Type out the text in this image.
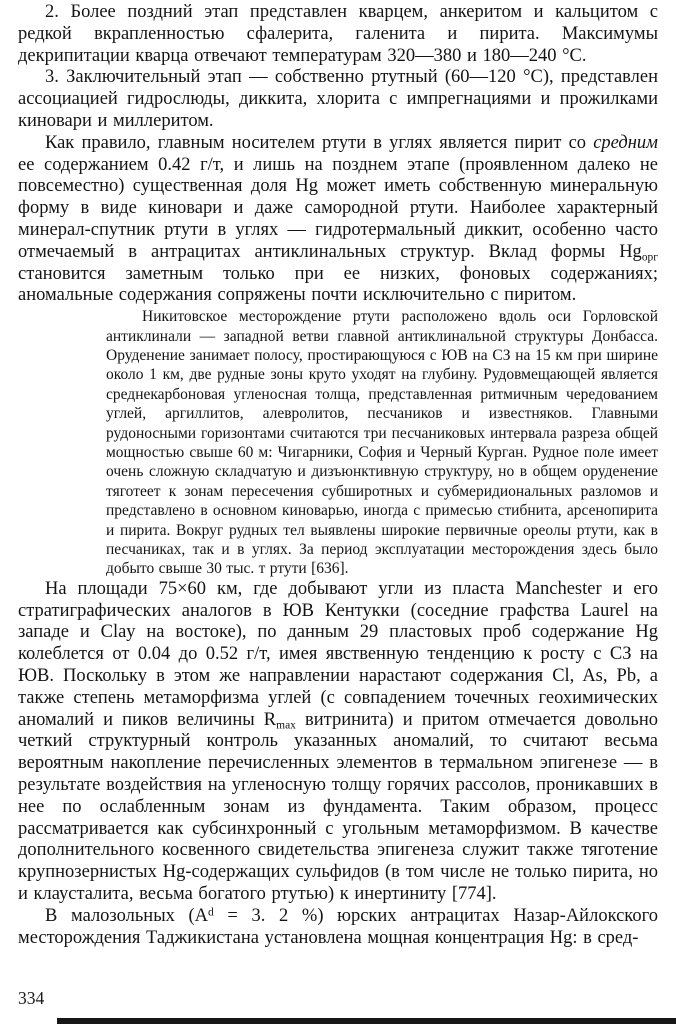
2. Более поздний этап представлен кварцем, анкеритом и кальцитом с редкой вкрапленностью сфалерита, галенита и пирита. Максимумы декрипитации кварца отвечают температурам 320—380 и 180—240 °С.

3. Заключительный этап — собственно ртутный (60—120 °С), представлен ассоциацией гидрослюды, диккита, хлорита с импрегнациями и прожилками киновари и миллеритом.

Как правило, главным носителем ртути в углях является пирит со средним ее содержанием 0.42 г/т, и лишь на позднем этапе (проявленном далеко не повсеместно) существенная доля Hg может иметь собственную минеральную форму в виде киновари и даже самородной ртути. Наиболее характерный минерал-спутник ртути в углях — гидротермальный диккит, особенно часто отмечаемый в антрацитах антиклинальных структур. Вклад формы $Hg_{орг}$ становится заметным только при ее низких, фоновых содержаниях; аномальные содержания сопряжены почти исключительно с пиритом.

Никитовское месторождение ртути расположено вдоль оси Горловской антиклинали — западной ветви главной антиклинальной структуры Донбасса. Оруденение занимает полосу, простирающуюся с ЮВ на СЗ на 15 км при ширине около 1 км, две рудные зоны круто уходят на глубину. Рудовмещающей является среднекарбоновая угленосная толща, представленная ритмичным чередованием углей, аргиллитов, алевролитов, песчаников и известняков. Главными рудоносными горизонтами считаются три песчаниковых интервала разреза общей мощностью свыше 60 м: Чигарники, София и Черный Курган. Рудное поле имеет очень сложную складчатую и дизъюнктивную структуру, но в общем оруденение тяготеет к зонам пересечения субширотных и субмеридиональных разломов и представлено в основном киноварью, иногда с примесью стибнита, арсенопирита и пирита. Вокруг рудных тел выявлены широкие первичные ореолы ртути, как в песчаниках, так и в углях. За период эксплуатации месторождения здесь было добыто свыше 30 тыс. т ртути [636].

На площади 75×60 км, где добывают угли из пласта Manchester и его стратиграфических аналогов в ЮВ Кентукки (соседние графства Laurel на западе и Clay на востоке), по данным 29 пластовых проб содержание Hg колеблется от 0.04 до 0.52 г/т, имея явственную тенденцию к росту с СЗ на ЮВ. Поскольку в этом же направлении нарастают содержания Cl, As, Pb, а также степень метаморфизма углей (с совпадением точечных геохимических аномалий и пиков величины $R_{max}$ витринита) и притом отмечается довольно четкий структурный контроль указанных аномалий, то считают весьма вероятным накопление перечисленных элементов в термальном эпигенезе — в результате воздействия на угленосную толщу горячих рассолов, проникавших в нее по ослабленным зонам из фундамента. Таким образом, процесс рассматривается как субсинхронный с угольным метаморфизмом. В качестве дополнительного косвенного свидетельства эпигенеза служит также тяготение крупнозернистых Hg-содержащих сульфидов (в том числе не только пирита, но и клаусталита, весьма богатого ртутью) к инертиниту [774].

В малозольных ($А^d = 3$. 2 %) юрских антрацитах Назар-Айлокского месторождения Таджикистана установлена мощная концентрация Hg: в сред-

334
